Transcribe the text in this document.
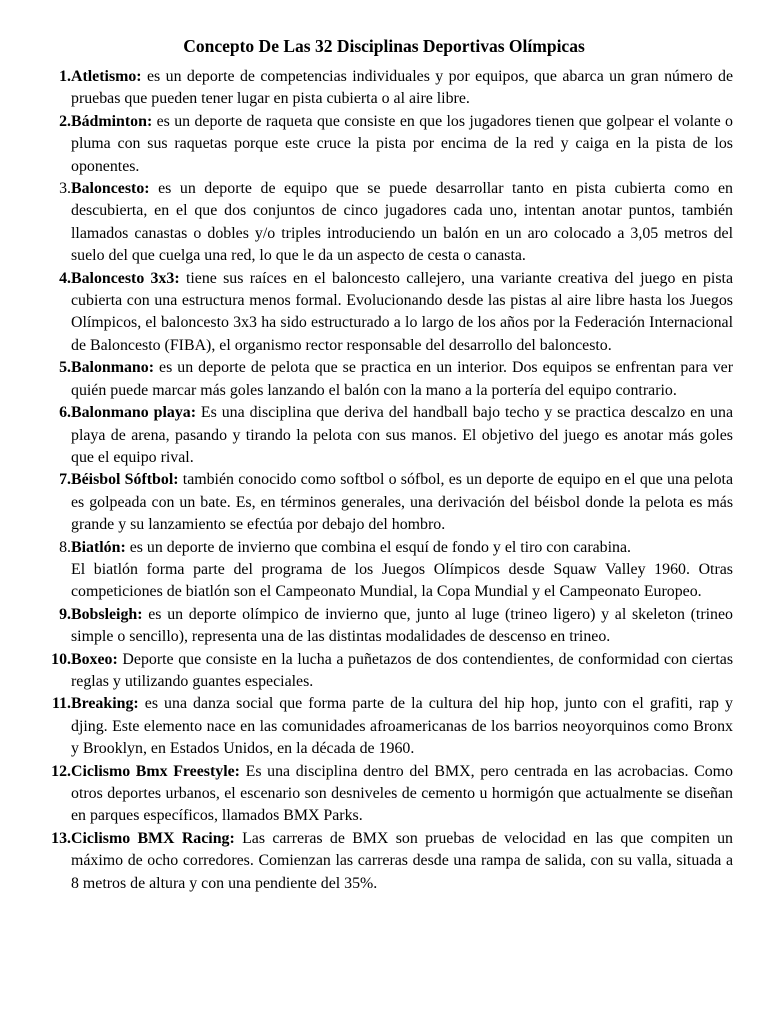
Concepto De Las 32 Disciplinas Deportivas Olímpicas
1. Atletismo: es un deporte de competencias individuales y por equipos, que abarca un gran número de pruebas que pueden tener lugar en pista cubierta o al aire libre.
2. Bádminton: es un deporte de raqueta que consiste en que los jugadores tienen que golpear el volante o pluma con sus raquetas porque este cruce la pista por encima de la red y caiga en la pista de los oponentes.
3. Baloncesto: es un deporte de equipo que se puede desarrollar tanto en pista cubierta como en descubierta, en el que dos conjuntos de cinco jugadores cada uno, intentan anotar puntos, también llamados canastas o dobles y/o triples introduciendo un balón en un aro colocado a 3,05 metros del suelo del que cuelga una red, lo que le da un aspecto de cesta o canasta.
4. Baloncesto 3x3: tiene sus raíces en el baloncesto callejero, una variante creativa del juego en pista cubierta con una estructura menos formal. Evolucionando desde las pistas al aire libre hasta los Juegos Olímpicos, el baloncesto 3x3 ha sido estructurado a lo largo de los años por la Federación Internacional de Baloncesto (FIBA), el organismo rector responsable del desarrollo del baloncesto.
5. Balonmano: es un deporte de pelota que se practica en un interior. Dos equipos se enfrentan para ver quién puede marcar más goles lanzando el balón con la mano a la portería del equipo contrario.
6. Balonmano playa: Es una disciplina que deriva del handball bajo techo y se practica descalzo en una playa de arena, pasando y tirando la pelota con sus manos. El objetivo del juego es anotar más goles que el equipo rival.
7. Béisbol Sóftbol: también conocido como softbol o sófbol, es un deporte de equipo en el que una pelota es golpeada con un bate. Es, en términos generales, una derivación del béisbol donde la pelota es más grande y su lanzamiento se efectúa por debajo del hombro.
8. Biatlón: es un deporte de invierno que combina el esquí de fondo y el tiro con carabina.
El biatlón forma parte del programa de los Juegos Olímpicos desde Squaw Valley 1960. Otras competiciones de biatlón son el Campeonato Mundial, la Copa Mundial y el Campeonato Europeo.
9. Bobsleigh: es un deporte olímpico de invierno que, junto al luge (trineo ligero) y al skeleton (trineo simple o sencillo), representa una de las distintas modalidades de descenso en trineo.
10. Boxeo: Deporte que consiste en la lucha a puñetazos de dos contendientes, de conformidad con ciertas reglas y utilizando guantes especiales.
11. Breaking: es una danza social que forma parte de la cultura del hip hop, junto con el grafiti, rap y djing. Este elemento nace en las comunidades afroamericanas de los barrios neoyorquinos como Bronx y Brooklyn, en Estados Unidos, en la década de 1960.
12. Ciclismo Bmx Freestyle: Es una disciplina dentro del BMX, pero centrada en las acrobacias. Como otros deportes urbanos, el escenario son desniveles de cemento u hormigón que actualmente se diseñan en parques específicos, llamados BMX Parks.
13. Ciclismo BMX Racing: Las carreras de BMX son pruebas de velocidad en las que compiten un máximo de ocho corredores. Comienzan las carreras desde una rampa de salida, con su valla, situada a 8 metros de altura y con una pendiente del 35%.
